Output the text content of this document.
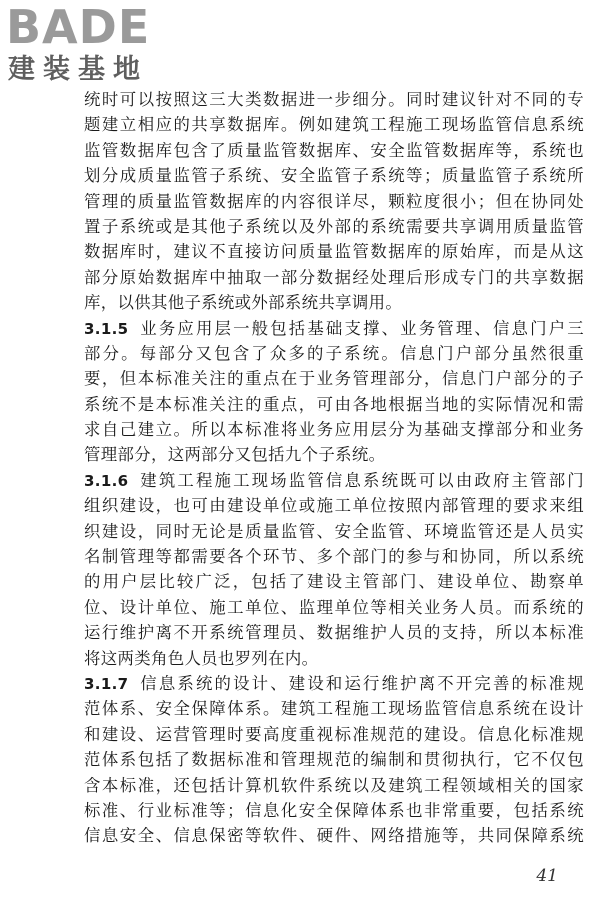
BADE
建装基地
统时可以按照这三大类数据进一步细分。同时建议针对不同的专
题建立相应的共享数据库。例如建筑工程施工现场监管信息系统
监管数据库包含了质量监管数据库、安全监管数据库等，系统也
划分成质量监管子系统、安全监管子系统等；质量监管子系统所
管理的质量监管数据库的内容很详尽，颗粒度很小；但在协同处
置子系统或是其他子系统以及外部的系统需要共享调用质量监管
数据库时，建议不直接访问质量监管数据库的原始库，而是从这
部分原始数据库中抽取一部分数据经处理后形成专门的共享数据
库，以供其他子系统或外部系统共享调用。
3.1.5 业务应用层一般包括基础支撑、业务管理、信息门户三
部分。每部分又包含了众多的子系统。信息门户部分虽然很重
要，但本标准关注的重点在于业务管理部分，信息门户部分的子
系统不是本标准关注的重点，可由各地根据当地的实际情况和需
求自己建立。所以本标准将业务应用层分为基础支撑部分和业务
管理部分，这两部分又包括九个子系统。
3.1.6 建筑工程施工现场监管信息系统既可以由政府主管部门
组织建设，也可由建设单位或施工单位按照内部管理的要求来组
织建设，同时无论是质量监管、安全监管、环境监管还是人员实
名制管理等都需要各个环节、多个部门的参与和协同，所以系统
的用户层比较广泛，包括了建设主管部门、建设单位、勘察单
位、设计单位、施工单位、监理单位等相关业务人员。而系统的
运行维护离不开系统管理员、数据维护人员的支持，所以本标准
将这两类角色人员也罗列在内。
3.1.7 信息系统的设计、建设和运行维护离不开完善的标准规
范体系、安全保障体系。建筑工程施工现场监管信息系统在设计
和建设、运营管理时要高度重视标准规范的建设。信息化标准规
范体系包括了数据标准和管理规范的编制和贯彻执行，它不仅包
含本标准，还包括计算机软件系统以及建筑工程领域相关的国家
标准、行业标准等；信息化安全保障体系也非常重要，包括系统
信息安全、信息保密等软件、硬件、网络措施等，共同保障系统
41
